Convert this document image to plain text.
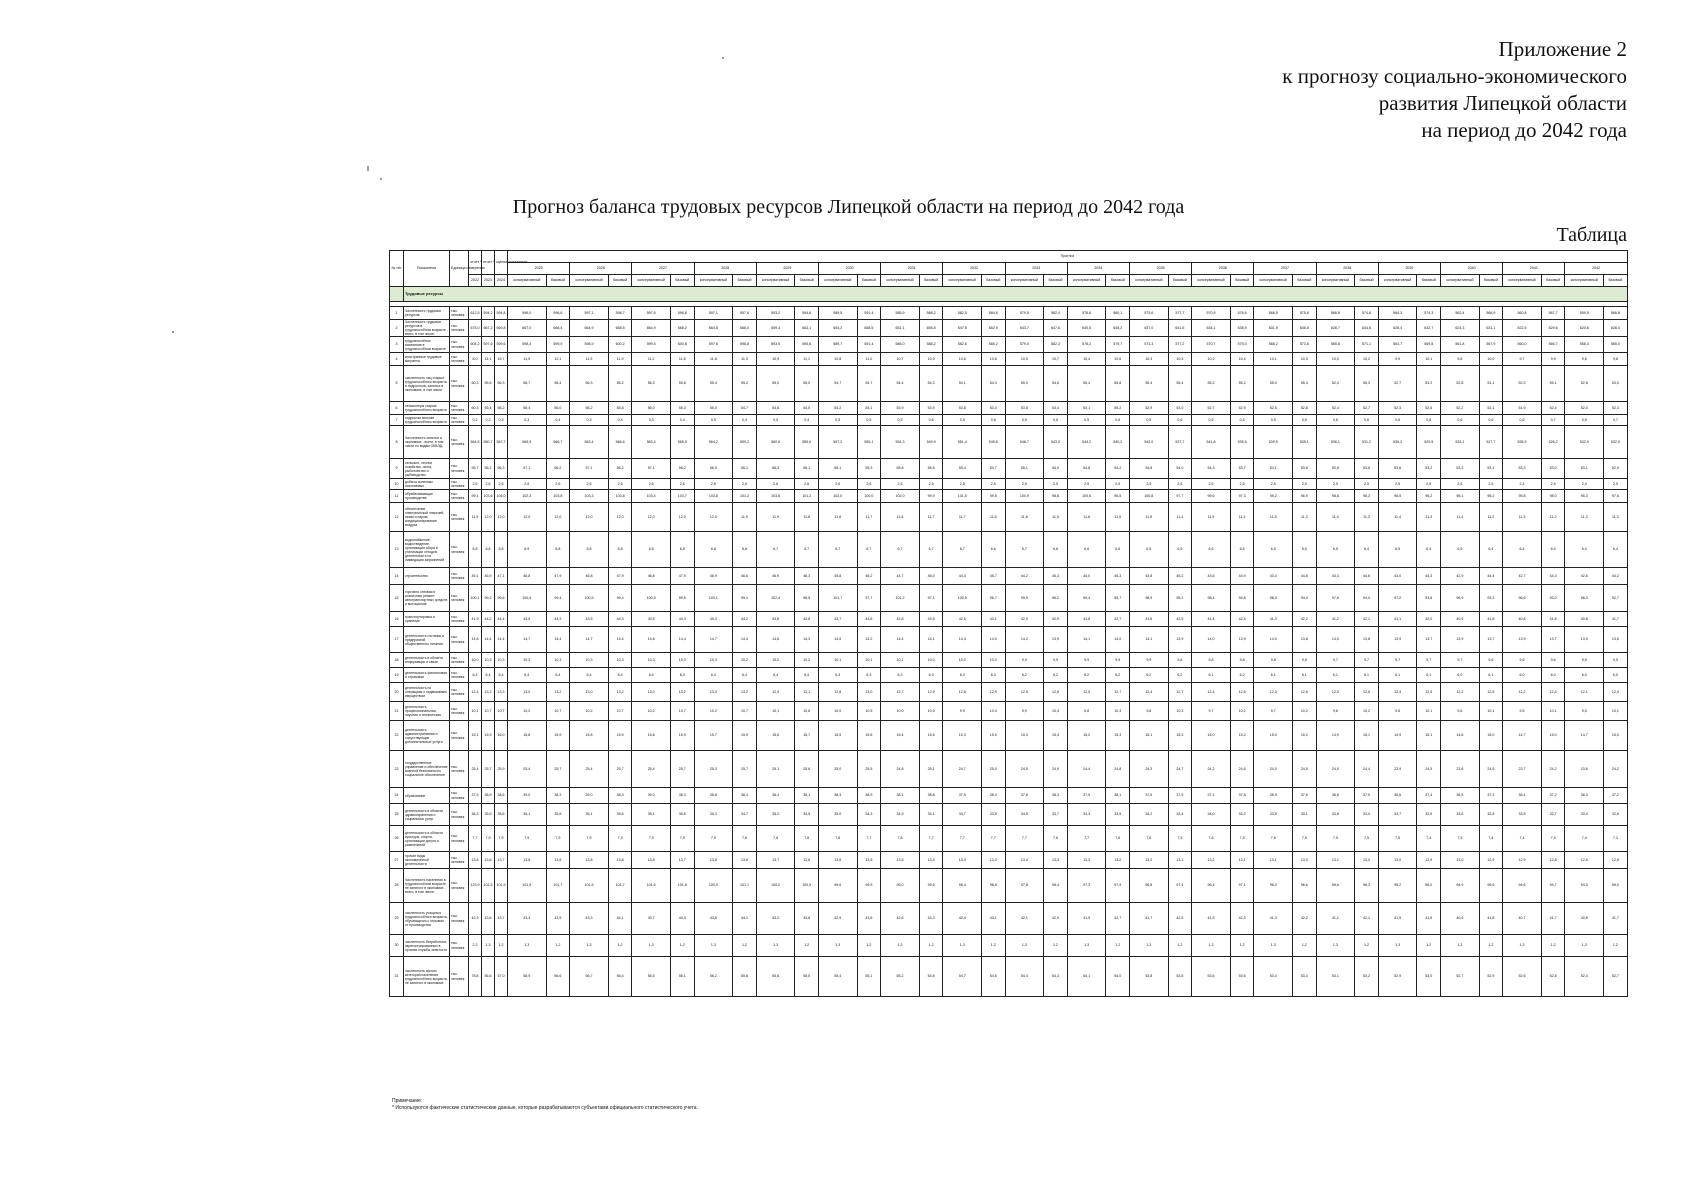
Приложение 2
к прогнозу социально-экономического
развития Липецкой области
на период до 2042 года
Прогноз баланса трудовых ресурсов Липецкой области на период до 2042 года
Таблица
№ п/п	Показатели	Единица измерения	отчет *	отчет *	оценка показателя	Прогноз																																			
						2025		2026		2027		2028		2029		2030		2031		2032		2033		2034		2035		2036		2037		2038		2039		2040		2041		2042	
			2022	2023	2024	консервативный	базовый	консервативный	базовый	консервативный	базовый	консервативный	базовый	консервативный	базовый	консервативный	базовый	консервативный	базовый	консервативный	базовый	консервативный	базовый	консервативный	базовый	консервативный	базовый	консервативный	базовый	консервативный	базовый	консервативный	базовый	консервативный	базовый	консервативный	базовый	консервативный	базовый	консервативный	базовый
	Трудовые ресурсы																																								

1	Численность трудовых ресурсов	тыс. человек	612,5	594,2	594,8	596,0	596,6	597,1	598,7	597,6	598,8	597,1	597,6	593,2	594,8	589,5	591,4	585,9	588,2	582,5	584,6	579,5	582,4	576,6	580,1	573,6	577,7	570,9	576,6	568,5	575,6	566,5	574,8	564,3	574,3	562,4	568,9	560,8	567,7	559,5	566,8
2	Численность трудовых ресурсов в трудоспособном возрасте - всего, в том числе:	тыс. человек	675,0	667,2	669,8	667,0	668,4	664,9	668,5	664,9	668,2	664,8	668,0	659,3	663,1	654,2	658,5	651,1	655,8	647,5	652,9	643,7	647,6	640,5	645,2	637,0	641,6	634,1	638,9	631,9	636,8	628,7	634,6	626,4	632,7	624,3	631,1	622,5	629,6	620,6	628,4
3	трудоспособное население в трудоспособном возрасте	тыс. человек	604,2	597,6	599,6	598,4	599,9	598,9	600,2	599,5	600,8	597,6	598,8	593,5	595,8	589,7	591,4	586,0	588,2	582,6	585,2	579,0	582,3	576,2	579,7	573,3	577,2	570,7	575,0	568,2	573,8	565,8	571,1	563,7	569,8	561,8	567,9	560,0	566,7	558,3	565,0
4	иностранные трудовые мигранты	тыс. человек	8,0	14,1	15,7	11,9	12,1	11,9	11,9	11,2	11,8	11,8	11,3	10,9	11,1	10,8	11,0	10,7	10,9	10,6	10,8	10,5	10,7	10,4	10,6	10,3	10,5	10,2	10,4	10,1	10,3	10,0	10,2	9,9	10,1	9,8	10,0	9,7	9,9	9,6	9,8
5	численность лиц старше трудоспособного возраста и подростков, занятых в экономике, в том числе:	тыс. человек	60,3	55,6	56,3	56,7	56,4	56,3	56,2	56,3	55,8	55,4	55,2	55,0	55,0	54,7	54,7	54,4	54,3	54,1	54,3	55,0	54,6	55,4	55,8	55,4	55,4	55,2	55,2	55,0	55,4	52,4	55,3	52,7	53,2	52,8	51,1	52,3	55,1	52,8	53,0
6	пенсионеры старше трудоспособного возраста	тыс. человек	60,3	55,4	56,2	56,4	56,0	56,2	55,8	56,0	55,3	55,0	54,7	54,8	54,5	54,2	54,1	53,9	53,9	53,8	53,4	53,8	53,4	53,1	55,2	52,9	53,0	52,7	52,9	52,5	52,8	52,4	52,7	52,3	52,6	52,2	52,1	51,9	52,4	52,0	52,3
7	подростки моложе трудоспособного возраста	тыс. человек	0,2	0,2	0,3	0,3	0,4	0,3	0,4	0,3	0,4	0,5	0,4	0,5	0,4	0,5	0,5	0,5	0,6	0,5	0,6	0,5	0,6	0,5	0,6	0,5	0,6	0,5	0,6	0,5	0,6	0,6	0,6	0,6	0,6	0,6	0,6	0,6	0,7	0,6	0,7
8	Численность занятых в экономике - всего, в том числе по видам ОКВЭД:	тыс. человек	564,5	560,7	567,7	565,5	566,7	563,4	566,6	563,4	565,5	564,2	559,2	560,6	555,6	557,2	555,1	554,3	549,9	551,4	545,8	548,7	543,0	544,2	540,2	543,0	537,7	541,8	535,5	539,9	535,1	536,1	531,2	536,3	529,5	533,1	527,7	535,9	526,2	532,9	532,0
9	сельское, лесное хозяйство, охота, рыболовство и рыбоводство	тыс. человек	55,7	56,1	56,3	57,1	56,2	57,1	56,2	57,1	56,2	56,9	56,1	56,3	56,1	56,1	55,3	55,8	55,8	55,4	54,7	55,1	54,9	54,8	54,2	54,8	54,0	54,3	53,7	54,1	53,6	53,8	53,6	53,6	53,2	53,3	53,1	53,3	53,0	53,1	52,9
10	добыча полезных ископаемых	тыс. человек	2,6	2,6	2,6	2,6	2,6	2,6	2,6	2,6	2,6	2,6	2,6	2,6	2,6	2,6	2,6	2,5	2,5	2,5	2,5	2,5	2,5	2,5	2,5	2,5	2,5	2,5	2,5	2,5	2,5	2,5	2,5	2,5	2,5	2,5	2,5	2,4	2,5	2,4	2,5
11	обрабатывающие производства	тыс. человек	99,1	103,6	104,0	102,3	103,8	103,3	103,8	103,4	103,7	103,8	101,2	103,8	101,2	102,0	100,0	102,0	99,9	101,5	99,5	100,9	98,8	100,6	96,5	100,8	97,7	99,6	97,3	99,2	96,9	98,8	96,3	98,5	96,2	98,1	96,2	95,8	98,0	95,3	97,6
12	обеспечение электрической энергией, газом и паром; кондиционирование воздуха	тыс. человек	11,5	12,0	12,0	12,0	12,0	12,0	12,0	12,0	12,0	12,0	11,9	11,9	11,8	11,8	11,7	11,8	11,7	11,7	11,6	11,6	11,5	11,6	11,5	11,5	11,4	11,5	11,4	11,5	11,3	11,4	11,3	11,4	11,3	11,4	11,2	11,3	11,2	11,3	11,3
13	водоснабжение; водоотведение, организация сбора и утилизации отходов, деятельность по ликвидации загрязнений	тыс. человек	6,8	6,8	6,8	6,9	6,8	6,8	6,8	6,8	6,8	6,8	6,8	6,7	6,7	6,7	6,7	6,7	6,7	6,7	6,6	6,7	6,6	6,6	6,6	6,5	6,5	6,5	6,5	6,5	6,5	6,5	6,4	6,5	6,4	6,5	6,4	6,4	6,4	6,4	6,4
14	строительство	тыс. человек	45,1	46,9	47,1	46,8	47,9	46,8	47,9	46,8	47,9	46,9	46,6	46,9	46,3	45,8	46,2	44,7	46,0	44,3	45,7	44,2	45,3	44,0	45,3	43,8	45,2	43,6	44,9	43,4	44,8	43,3	44,6	43,0	44,3	42,9	44,4	42,7	44,3	42,6	44,2
15	торговля оптовая и розничная; ремонт автотранспортных средств и мотоциклов	тыс. человек	100,1	99,2	99,6	100,5	99,4	100,5	99,4	100,5	99,5	103,1	99,1	102,4	98,5	101,7	97,7	101,2	97,1	100,5	96,7	99,9	96,2	99,4	95,7	98,9	95,2	98,4	94,8	98,0	94,4	97,6	94,0	97,2	93,6	96,9	93,3	96,6	93,0	96,3	92,7
16	транспортировка и хранение	тыс. человек	41,9	44,2	44,4	43,5	44,3	43,5	44,3	43,5	44,3	45,3	44,2	43,8	43,8	43,7	43,6	42,8	43,5	42,5	43,1	42,0	42,9	41,8	42,7	41,6	42,5	41,4	42,4	41,3	42,2	41,2	42,1	41,1	42,0	40,9	41,8	40,8	41,8	40,8	41,7
17	деятельность гостиниц и предприятий общественного питания	тыс. человек	14,8	14,4	14,4	14,7	14,4	14,7	14,4	14,8	14,4	14,7	14,4	14,6	14,3	14,5	14,2	14,4	14,1	14,3	14,0	14,2	13,9	14,1	14,0	14,1	13,9	14,0	13,9	14,0	13,8	14,0	13,8	13,9	13,7	13,9	13,7	13,9	13,7	13,9	13,6
18	деятельность в области информации и связи	тыс. человек	10,0	10,3	10,3	10,3	10,3	10,3	10,3	10,3	10,3	10,3	10,2	10,2	10,2	10,1	10,1	10,1	10,0	10,0	10,0	9,9	9,9	9,9	9,9	9,9	9,8	9,8	9,8	9,8	9,8	9,7	9,7	9,7	9,7	9,7	9,6	9,6	9,6	9,6	9,5
19	деятельность финансовая и страховая	тыс. человек	6,4	6,4	6,4	6,4	6,4	6,4	6,4	6,4	6,4	6,4	6,4	6,4	6,4	6,3	6,3	6,3	6,3	6,3	6,3	6,2	6,2	6,2	6,2	6,2	6,2	6,1	6,2	6,1	6,1	6,1	6,1	6,1	6,1	6,0	6,1	6,0	6,0	6,0	6,0
20	деятельность по операциям с недвижимым имуществом	тыс. человек	12,4	13,2	13,3	13,0	13,2	13,0	13,2	13,0	13,2	13,0	13,2	12,9	13,1	12,8	13,0	12,7	12,9	12,6	12,9	12,5	12,8	12,5	12,7	12,4	12,7	12,4	12,6	12,3	12,6	12,3	12,6	12,3	12,5	12,2	12,5	12,2	12,4	12,1	12,4
21	деятельность профессиональная, научная и техническая	тыс. человек	10,1	10,7	10,7	10,2	10,7	10,2	10,7	10,2	10,7	10,2	10,7	10,1	10,6	10,0	10,5	10,0	10,5	9,9	10,4	9,9	10,4	9,8	10,3	9,8	10,3	9,7	10,2	9,7	10,2	9,6	10,2	9,6	10,1	9,6	10,1	9,5	10,1	9,5	10,1
22	деятельность административная и сопутствующие дополнительные услуги	тыс. человек	15,1	15,9	16,0	15,8	15,9	15,8	15,9	15,8	15,9	15,7	15,9	15,6	15,7	15,5	15,6	15,4	15,6	15,3	15,5	15,3	15,4	15,2	15,3	15,1	15,3	15,0	15,2	15,0	15,2	14,9	15,1	14,9	15,1	14,8	15,0	14,7	15,0	14,7	15,0
23	государственное управление и обеспечение военной безопасности; социальное обеспечение	тыс. человек	25,4	25,7	25,9	25,4	25,7	25,4	25,7	25,4	25,7	25,3	25,7	25,1	25,6	25,0	25,5	24,8	25,1	24,7	25,0	24,5	24,9	24,4	24,8	24,3	24,7	24,2	24,6	24,0	24,5	24,0	24,4	23,9	24,5	23,8	24,5	23,7	24,2	23,6	24,2
24	образование	тыс. человек	37,9	38,9	38,6	39,0	38,3	39,0	38,3	39,0	38,3	38,8	38,4	38,4	38,1	38,3	38,9	38,1	38,8	37,9	38,4	37,8	38,3	37,5	38,1	37,5	37,9	37,1	37,8	36,9	37,6	36,8	37,5	36,6	37,4	36,5	37,3	36,4	37,2	36,3	37,2
25	деятельность в области здравоохранения и социальных услуг	тыс. человек	36,3	35,5	35,6	35,1	35,6	35,1	35,6	35,1	35,6	35,3	34,7	35,2	34,5	35,0	34,3	34,9	34,1	34,7	33,9	34,5	33,7	34,3	33,5	34,2	33,4	34,0	33,2	33,9	33,1	33,8	33,0	33,7	32,9	33,6	32,8	33,5	32,7	33,4	32,6
26	деятельность в области культуры, спорта, организации досуга и развлечений	тыс. человек	7,7	7,9	7,9	7,9	7,9	7,9	7,9	7,9	7,9	7,9	7,8	7,8	7,8	7,8	7,7	7,8	7,7	7,7	7,7	7,7	7,6	7,7	7,6	7,6	7,5	7,6	7,5	7,6	7,5	7,5	7,5	7,5	7,4	7,5	7,4	7,4	7,4	7,4	7,3
27	прочие виды экономической деятельности	тыс. человек	13,6	13,6	13,7	13,8	13,8	13,8	13,8	13,8	13,7	13,8	13,6	13,7	13,6	13,6	13,5	13,5	13,4	13,4	13,3	13,4	13,3	13,3	13,2	13,2	13,1	13,2	13,1	13,1	13,0	13,1	13,0	13,0	12,9	13,0	12,9	12,9	12,8	12,8	12,8
28	Численность населения в трудоспособном возрасте, не занятого в экономике - всего, в том числе:	тыс. человек	123,9	101,5	101,9	101,5	101,7	101,5	101,7	101,5	101,6	100,9	101,1	100,2	100,5	99,6	99,9	99,0	99,5	98,4	98,8	97,8	98,4	97,3	97,9	96,8	97,4	96,4	97,1	96,0	96,6	95,6	96,3	95,2	96,0	94,9	95,6	94,6	94,7	94,3	95,0
29	численность учащихся трудоспособного возраста, обучающихся с отрывом от производства	тыс. человек	42,9	43,6	43,7	43,3	43,9	43,3	44,1	43,7	44,3	43,5	44,1	43,2	43,8	42,9	43,6	42,6	43,3	42,4	43,1	42,1	42,9	41,9	42,7	41,7	42,5	41,5	42,3	41,3	42,2	41,1	42,1	41,9	41,9	40,9	41,8	40,7	41,7	40,6	41,7
30	численность безработных, зарегистрированных в органах службы занятости	тыс. человек	2,2	1,3	1,2	1,3	1,2	1,3	1,2	1,3	1,2	1,3	1,2	1,3	1,2	1,3	1,2	1,3	1,2	1,3	1,2	1,3	1,2	1,3	1,2	1,3	1,2	1,3	1,2	1,3	1,2	1,3	1,2	1,3	1,2	1,3	1,2	1,3	1,2	1,3	1,2
31	численность прочих категорий населения трудоспособного возраста, не занятого в экономике	тыс. человек	78,8	56,6	57,0	56,9	56,6	56,7	56,4	56,5	56,1	56,2	55,8	55,8	55,5	55,4	55,1	55,2	54,8	54,7	54,5	54,4	54,3	54,1	54,0	53,8	53,8	53,6	53,6	53,4	53,4	53,1	53,2	52,9	53,0	52,7	52,9	52,6	52,8	52,4	52,7
Примечание:
* Используются фактические статистические данные, которые разрабатываются субъектами официального статистического учета.
